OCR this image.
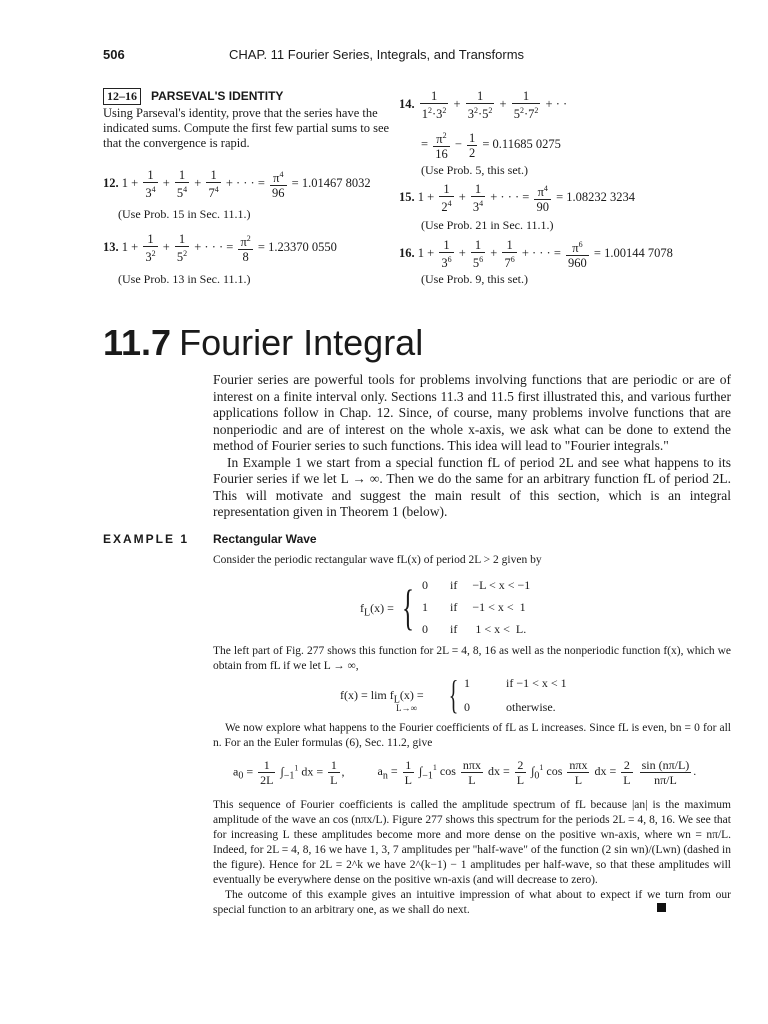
506	CHAP. 11 Fourier Series, Integrals, and Transforms
12–16 PARSEVAL'S IDENTITY
Using Parseval's identity, prove that the series have the indicated sums. Compute the first few partial sums to see that the convergence is rapid.
12. $1 + \frac{1}{3^4} + \frac{1}{5^4} + \frac{1}{7^4}$ + · · · = $\frac{\pi^4}{96} = 1.01467$ 8032
(Use Prob. 15 in Sec. 11.1.)
13. $1 + \frac{1}{3^2} + \frac{1}{5^2}$ + · · · = $\frac{\pi^2}{8} = 1.23370$ 0550
(Use Prob. 13 in Sec. 11.1.)
14. $\frac{1}{1^2\cdot 3^2} + \frac{1}{3^2\cdot 5^2} + \frac{1}{5^2\cdot 7^2}$ + · ·
= $\frac{\pi^2}{16} - \frac{1}{2} = 0.11685$ 0275
(Use Prob. 5, this set.)
15. $1 + \frac{1}{2^4} + \frac{1}{3^4}$ + · · · = $\frac{\pi^4}{90} = 1.08232$ 3234
(Use Prob. 21 in Sec. 11.1.)
16. $1 + \frac{1}{3^6} + \frac{1}{5^6} + \frac{1}{7^6}$ + · · · = $\frac{\pi^6}{960} = 1.00144$ 7078
(Use Prob. 9, this set.)
11.7 Fourier Integral

Fourier series are powerful tools for problems involving functions that are periodic or are of interest on a finite interval only. Sections 11.3 and 11.5 first illustrated this, and various further applications follow in Chap. 12. Since, of course, many problems involve functions that are nonperiodic and are of interest on the whole x-axis, we ask what can be done to extend the method of Fourier series to such functions. This idea will lead to "Fourier integrals."

In Example 1 we start from a special function fL of period 2L and see what happens to its Fourier series if we let L → ∞. Then we do the same for an arbitrary function fL of period 2L. This will motivate and suggest the main result of this section, which is an integral representation given in Theorem 1 (below).

EXAMPLE 1 Rectangular Wave
Consider the periodic rectangular wave fL(x) of period 2L > 2 given by
$f_L(x)$ = { 0 if     −L < x < −1
1 if     −1 < x <  1
0 if      1 < x <  L.
The left part of Fig. 277 shows this function for 2L = 4, 8, 16 as well as the nonperiodic function f(x), which we obtain from fL if we let L → ∞,
$f(x) = \lim f_L(x)$ =
L→∞ { 1	if −1 < x < 1
0	otherwise.

We now explore what happens to the Fourier coefficients of fL as L increases. Since fL is even, bn = 0 for all n. For an the Euler formulas (6), Sec. 11.2, give

$a_0 = \frac{1}{2L} \int_{-1}^1$ dx = $\frac{1}{L}$ ,	$a_n = \frac{1}{L} \int_{-1}^1$ $\cos \frac{\text{nπx}}{L}$ dx = $\frac{2}{L} \int_0^1$ $\cos \frac{\text{nπx}}{L}$ dx = $\frac{2}{L}$
$\frac{\sin (n\pi/L)}{n\pi/L}$ .

This sequence of Fourier coefficients is called the amplitude spectrum of fL because |an| is the maximum amplitude of the wave an cos (nπx/L). Figure 277 shows this spectrum for the periods 2L = 4, 8, 16. We see that for increasing L these amplitudes become more and more dense on the positive wn-axis, where wn = nπ/L. Indeed, for 2L = 4, 8, 16 we have 1, 3, 7 amplitudes per "half-wave" of the function (2 sin wn)/(Lwn) (dashed in the figure). Hence for 2L = 2^k we have 2^(k−1) − 1 amplitudes per half-wave, so that these amplitudes will eventually be everywhere dense on the positive wn-axis (and will decrease to zero).

The outcome of this example gives an intuitive impression of what about to expect if we turn from our special function to an arbitrary one, as we shall do next.
